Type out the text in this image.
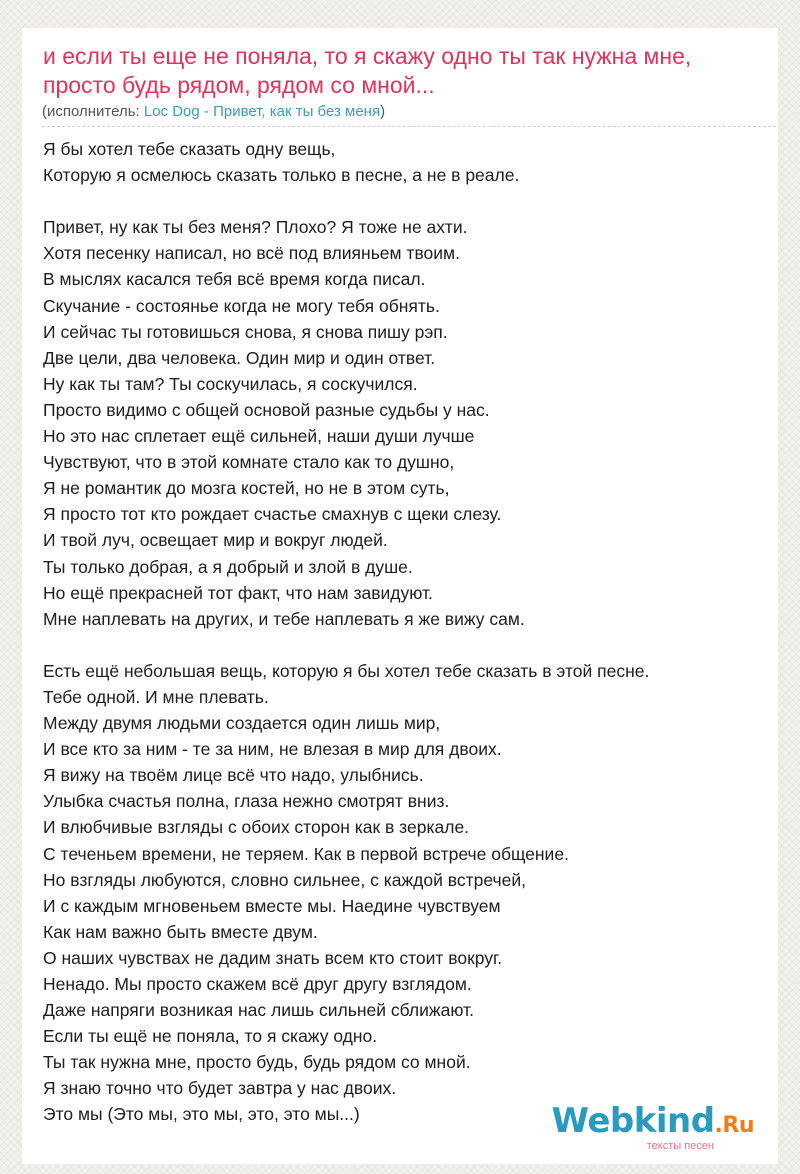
и если ты еще не поняла, то я скажу одно ты так нужна мне, просто будь рядом, рядом со мной...

(исполнитель: Loc Dog - Привет, как ты без меня)

Я бы хотел тебе сказать одну вещь,
Которую я осмелюсь сказать только в песне, а не в реале.
Привет, ну как ты без меня? Плохо? Я тоже не ахти.
Хотя песенку написал, но всё под влияньем твоим.
В мыслях касался тебя всё время когда писал.
Скучание - состоянье когда не могу тебя обнять.
И сейчас ты готовишься снова, я снова пишу рэп.
Две цели, два человека. Один мир и один ответ.
Ну как ты там? Ты соскучилась, я соскучился.
Просто видимо с общей основой разные судьбы у нас.
Но это нас сплетает ещё сильней, наши души лучше
Чувствуют, что в этой комнате стало как то душно,
Я не романтик до мозга костей, но не в этом суть,
Я просто тот кто рождает счастье смахнув с щеки слезу.
И твой луч, освещает мир и вокруг людей.
Ты только добрая, а я добрый и злой в душе.
Но ещё прекрасней тот факт, что нам завидуют.
Мне наплевать на других, и тебе наплевать я же вижу сам.
Есть ещё небольшая вещь, которую я бы хотел тебе сказать в этой песне.
Тебе одной. И мне плевать.
Между двумя людьми создается один лишь мир,
И все кто за ним - те за ним, не влезая в мир для двоих.
Я вижу на твоём лице всё что надо, улыбнись.
Улыбка счастья полна, глаза нежно смотрят вниз.
И влюбчивые взгляды с обоих сторон как в зеркале.
С теченьем времени, не теряем. Как в первой встрече общение.
Но взгляды любуются, словно сильнее, с каждой встречей,
И с каждым мгновеньем вместе мы. Наедине чувствуем
Как нам важно быть вместе двум.
О наших чувствах не дадим знать всем кто стоит вокруг.
Ненадо. Мы просто скажем всё друг другу взглядом.
Даже напряги возникая нас лишь сильней сближают.
Если ты ещё не поняла, то я скажу одно.
Ты так нужна мне, просто будь, будь рядом со мной.
Я знаю точно что будет завтра у нас двоих.
Это мы (Это мы, это мы, это, это мы...)	Webkind.Ru
тексты песен
